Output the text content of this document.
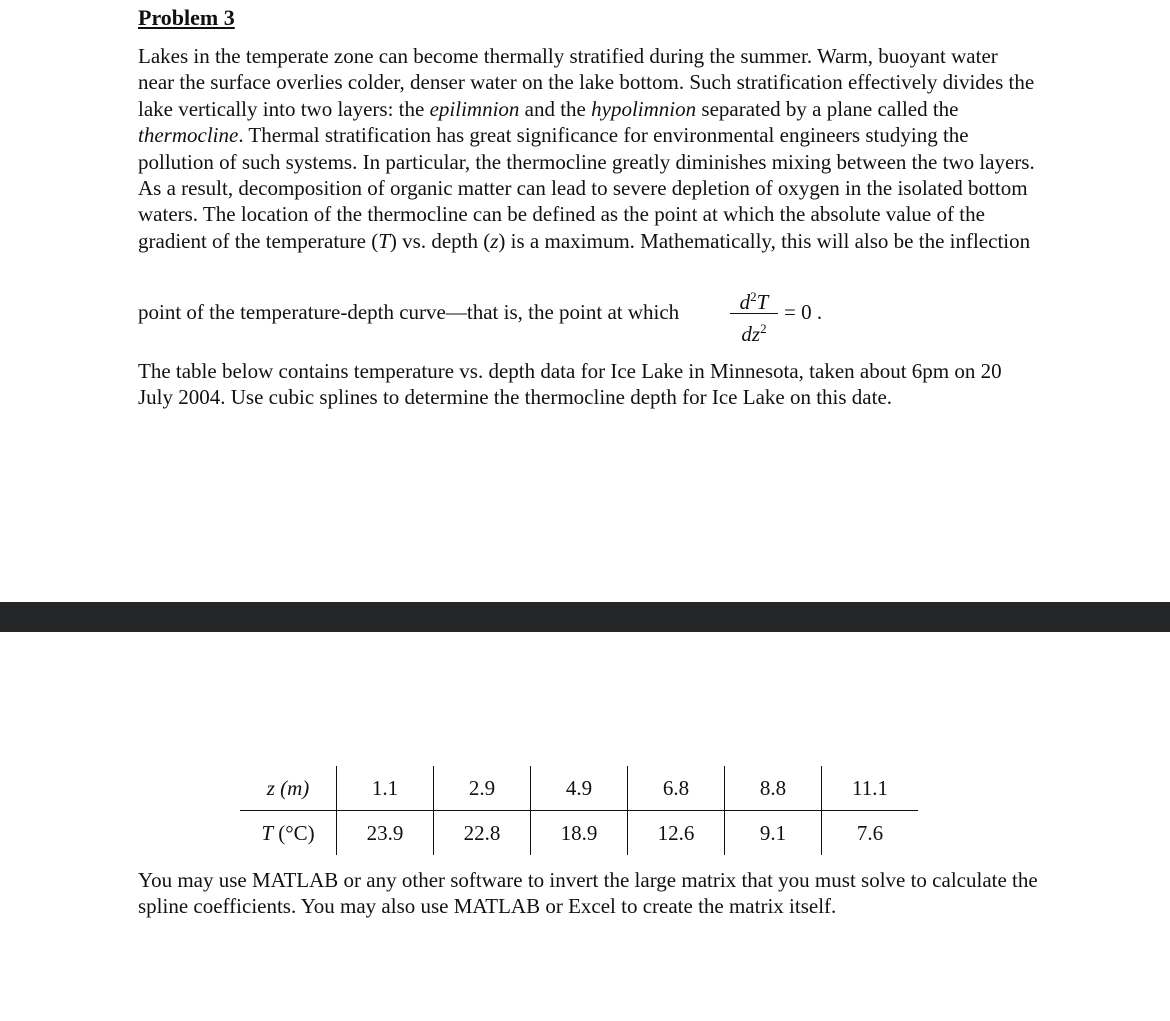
Problem 3
Lakes in the temperate zone can become thermally stratified during the summer. Warm, buoyant water near the surface overlies colder, denser water on the lake bottom. Such stratification effectively divides the lake vertically into two layers: the epilimnion and the hypolimnion separated by a plane called the thermocline. Thermal stratification has great significance for environmental engineers studying the pollution of such systems. In particular, the thermocline greatly diminishes mixing between the two layers. As a result, decomposition of organic matter can lead to severe depletion of oxygen in the isolated bottom waters. The location of the thermocline can be defined as the point at which the absolute value of the gradient of the temperature (T) vs. depth (z) is a maximum. Mathematically, this will also be the inflection
point of the temperature-depth curve—that is, the point at which	$d^2T$
$dz^2$
= 0 .
The table below contains temperature vs. depth data for Ice Lake in Minnesota, taken about 6pm on 20 July 2004. Use cubic splines to determine the thermocline depth for Ice Lake on this date.
z (m)	1.1	2.9	4.9	6.8	8.8	11.1
T (°C)	23.9	22.8	18.9	12.6	9.1	7.6
You may use MATLAB or any other software to invert the large matrix that you must solve to calculate the spline coefficients. You may also use MATLAB or Excel to create the matrix itself.
